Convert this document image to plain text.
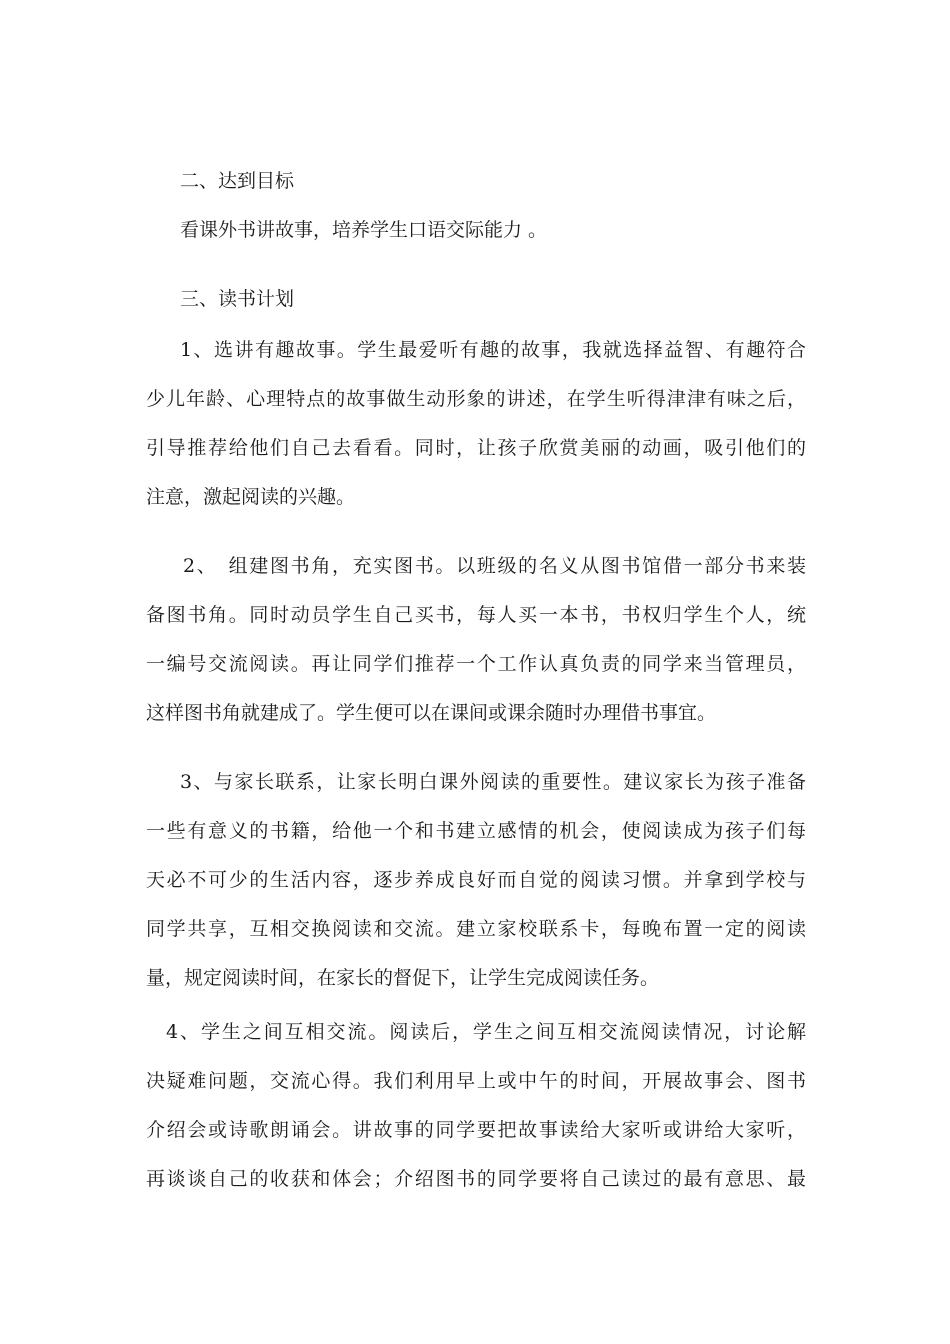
二、达到目标

看课外书讲故事，培养学生口语交际能力 。

三、读书计划

1、选讲有趣故事。学生最爱听有趣的故事，我就选择益智、有趣符合

少儿年龄、心理特点的故事做生动形象的讲述，在学生听得津津有味之后，

引导推荐给他们自己去看看。同时，让孩子欣赏美丽的动画，吸引他们的

注意，激起阅读的兴趣。

2、　组建图书角，充实图书。以班级的名义从图书馆借一部分书来装

备图书角。同时动员学生自己买书，每人买一本书，书权归学生个人，统

一编号交流阅读。再让同学们推荐一个工作认真负责的同学来当管理员，

这样图书角就建成了。学生便可以在课间或课余随时办理借书事宜。

3、与家长联系，让家长明白课外阅读的重要性。建议家长为孩子准备

一些有意义的书籍，给他一个和书建立感情的机会，使阅读成为孩子们每

天必不可少的生活内容，逐步养成良好而自觉的阅读习惯。并拿到学校与

同学共享，互相交换阅读和交流。建立家校联系卡，每晚布置一定的阅读

量，规定阅读时间，在家长的督促下，让学生完成阅读任务。

4、学生之间互相交流。阅读后，学生之间互相交流阅读情况，讨论解

决疑难问题，交流心得。我们利用早上或中午的时间，开展故事会、图书

介绍会或诗歌朗诵会。讲故事的同学要把故事读给大家听或讲给大家听，

再谈谈自己的收获和体会；介绍图书的同学要将自己读过的最有意思、最
